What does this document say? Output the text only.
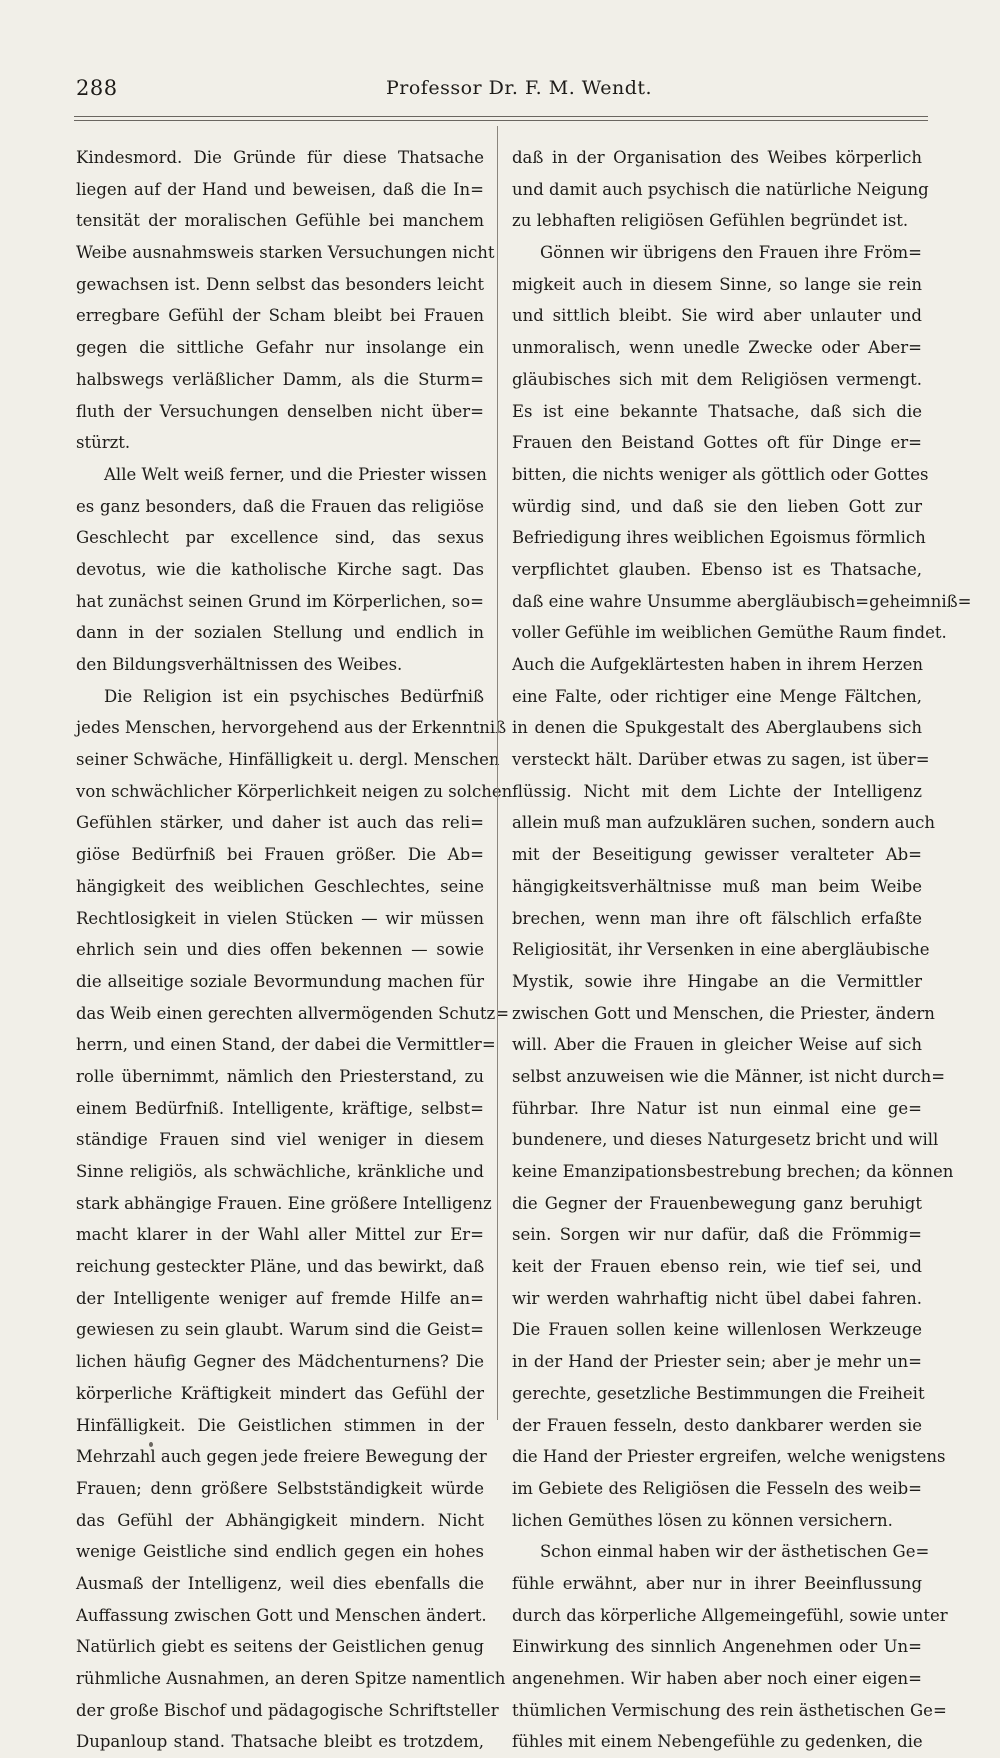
288	Professor Dr. F. M. Wendt.
Kindesmord. Die Gründe für diese Thatsache
liegen auf der Hand und beweisen, daß die In=
tensität der moralischen Gefühle bei manchem
Weibe ausnahmsweis starken Versuchungen nicht
gewachsen ist. Denn selbst das besonders leicht
erregbare Gefühl der Scham bleibt bei Frauen
gegen die sittliche Gefahr nur insolange ein
halbswegs verläßlicher Damm, als die Sturm=
fluth der Versuchungen denselben nicht über=
stürzt.
Alle Welt weiß ferner, und die Priester wissen
es ganz besonders, daß die Frauen das religiöse
Geschlecht par excellence sind, das sexus
devotus, wie die katholische Kirche sagt. Das
hat zunächst seinen Grund im Körperlichen, so=
dann in der sozialen Stellung und endlich in
den Bildungsverhältnissen des Weibes.
Die Religion ist ein psychisches Bedürfniß
jedes Menschen, hervorgehend aus der Erkenntniß
seiner Schwäche, Hinfälligkeit u. dergl. Menschen
von schwächlicher Körperlichkeit neigen zu solchen
Gefühlen stärker, und daher ist auch das reli=
giöse Bedürfniß bei Frauen größer. Die Ab=
hängigkeit des weiblichen Geschlechtes, seine
Rechtlosigkeit in vielen Stücken — wir müssen
ehrlich sein und dies offen bekennen — sowie
die allseitige soziale Bevormundung machen für
das Weib einen gerechten allvermögenden Schutz=
herrn, und einen Stand, der dabei die Vermittler=
rolle übernimmt, nämlich den Priesterstand, zu
einem Bedürfniß. Intelligente, kräftige, selbst=
ständige Frauen sind viel weniger in diesem
Sinne religiös, als schwächliche, kränkliche und
stark abhängige Frauen. Eine größere Intelligenz
macht klarer in der Wahl aller Mittel zur Er=
reichung gesteckter Pläne, und das bewirkt, daß
der Intelligente weniger auf fremde Hilfe an=
gewiesen zu sein glaubt. Warum sind die Geist=
lichen häufig Gegner des Mädchenturnens? Die
körperliche Kräftigkeit mindert das Gefühl der
Hinfälligkeit. Die Geistlichen stimmen in der
Mehrzahl auch gegen jede freiere Bewegung der
Frauen; denn größere Selbstständigkeit würde
das Gefühl der Abhängigkeit mindern. Nicht
wenige Geistliche sind endlich gegen ein hohes
Ausmaß der Intelligenz, weil dies ebenfalls die
Auffassung zwischen Gott und Menschen ändert.
Natürlich giebt es seitens der Geistlichen genug
rühmliche Ausnahmen, an deren Spitze namentlich
der große Bischof und pädagogische Schriftsteller
Dupanloup stand. Thatsache bleibt es trotzdem,
daß in der Organisation des Weibes körperlich
und damit auch psychisch die natürliche Neigung
zu lebhaften religiösen Gefühlen begründet ist.
Gönnen wir übrigens den Frauen ihre Fröm=
migkeit auch in diesem Sinne, so lange sie rein
und sittlich bleibt. Sie wird aber unlauter und
unmoralisch, wenn unedle Zwecke oder Aber=
gläubisches sich mit dem Religiösen vermengt.
Es ist eine bekannte Thatsache, daß sich die
Frauen den Beistand Gottes oft für Dinge er=
bitten, die nichts weniger als göttlich oder Gottes
würdig sind, und daß sie den lieben Gott zur
Befriedigung ihres weiblichen Egoismus förmlich
verpflichtet glauben. Ebenso ist es Thatsache,
daß eine wahre Unsumme abergläubisch=geheimniß=
voller Gefühle im weiblichen Gemüthe Raum findet.
Auch die Aufgeklärtesten haben in ihrem Herzen
eine Falte, oder richtiger eine Menge Fältchen,
in denen die Spukgestalt des Aberglaubens sich
versteckt hält. Darüber etwas zu sagen, ist über=
flüssig. Nicht mit dem Lichte der Intelligenz
allein muß man aufzuklären suchen, sondern auch
mit der Beseitigung gewisser veralteter Ab=
hängigkeitsverhältnisse muß man beim Weibe
brechen, wenn man ihre oft fälschlich erfaßte
Religiosität, ihr Versenken in eine abergläubische
Mystik, sowie ihre Hingabe an die Vermittler
zwischen Gott und Menschen, die Priester, ändern
will. Aber die Frauen in gleicher Weise auf sich
selbst anzuweisen wie die Männer, ist nicht durch=
führbar. Ihre Natur ist nun einmal eine ge=
bundenere, und dieses Naturgesetz bricht und will
keine Emanzipationsbestrebung brechen; da können
die Gegner der Frauenbewegung ganz beruhigt
sein. Sorgen wir nur dafür, daß die Frömmig=
keit der Frauen ebenso rein, wie tief sei, und
wir werden wahrhaftig nicht übel dabei fahren.
Die Frauen sollen keine willenlosen Werkzeuge
in der Hand der Priester sein; aber je mehr un=
gerechte, gesetzliche Bestimmungen die Freiheit
der Frauen fesseln, desto dankbarer werden sie
die Hand der Priester ergreifen, welche wenigstens
im Gebiete des Religiösen die Fesseln des weib=
lichen Gemüthes lösen zu können versichern.
Schon einmal haben wir der ästhetischen Ge=
fühle erwähnt, aber nur in ihrer Beeinflussung
durch das körperliche Allgemeingefühl, sowie unter
Einwirkung des sinnlich Angenehmen oder Un=
angenehmen. Wir haben aber noch einer eigen=
thümlichen Vermischung des rein ästhetischen Ge=
fühles mit einem Nebengefühle zu gedenken, die
